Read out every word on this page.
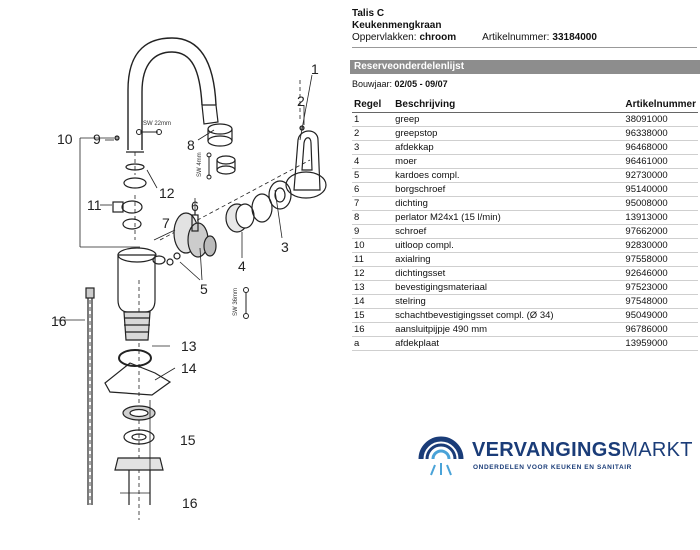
1
2
3
4
5
6
7
8
9
10
11
12
13
14
15
16
16
SW 22mm
SW 4mm
SW 36mm
Talis C
Keukenmengkraan
Oppervlakken: chroom	Artikelnummer: 33184000
Reserveonderdelenlijst
Bouwjaar: 02/05 - 09/07
Regel	Beschrijving	Artikelnummer
1	greep	38091000
2	greepstop	96338000
3	afdekkap	96468000
4	moer	96461000
5	kardoes compl.	92730000
6	borgschroef	95140000
7	dichting	95008000
8	perlator M24x1 (15 l/min)	13913000
9	schroef	97662000
10	uitloop compl.	92830000
11	axialring	97558000
12	dichtingsset	92646000
13	bevestigingsmateriaal	97523000
14	stelring	97548000
15	schachtbevestigingsset compl. (Ø 34)	95049000
16	aansluitpijpje 490 mm	96786000
a	afdekplaat	13959000
VERVANGINGSMARKT
ONDERDELEN VOOR KEUKEN EN SANITAIR
